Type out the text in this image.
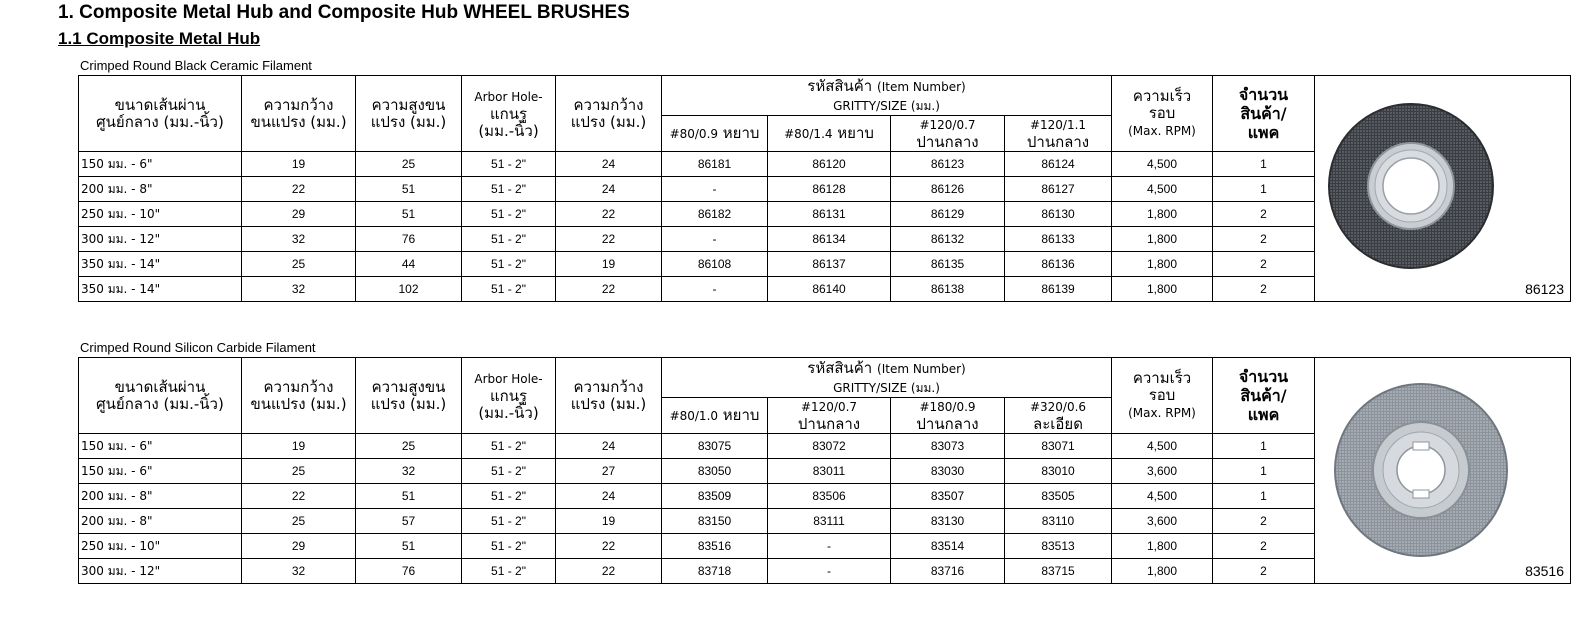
1. Composite Metal Hub and Composite Hub WHEEL BRUSHES
1.1 Composite Metal Hub
Crimped Round Black Ceramic Filament
ขนาดเส้นผ่าน
ศูนย์กลาง (มม.-นิ้ว)	ความกว้าง
ขนแปรง (มม.)	ความสูงขน
แปรง (มม.)	Arbor Hole-
แกนรู
(มม.-นิ้ว)	ความกว้าง
แปรง (มม.)	รหัสสินค้า (Item Number)
GRITTY/SIZE (มม.)				ความเร็ว
รอบ
(Max. RPM)	จำนวน
สินค้า/
แพค	86123

					#80/0.9 หยาบ	#80/1.4 หยาบ	#120/0.7
ปานกลาง	#120/1.1
ปานกลาง			
150 มม. - 6"	19	25	51 - 2"	24	86181	86120	86123	86124	4,500	1	
200 มม. - 8"	22	51	51 - 2"	24	-	86128	86126	86127	4,500	1	
250 มม. - 10"	29	51	51 - 2"	22	86182	86131	86129	86130	1,800	2	
300 มม. - 12"	32	76	51 - 2"	22	-	86134	86132	86133	1,800	2	
350 มม. - 14"	25	44	51 - 2"	19	86108	86137	86135	86136	1,800	2	
350 มม. - 14"	32	102	51 - 2"	22	-	86140	86138	86139	1,800	2	
Crimped Round Silicon Carbide Filament
ขนาดเส้นผ่าน
ศูนย์กลาง (มม.-นิ้ว)	ความกว้าง
ขนแปรง (มม.)	ความสูงขน
แปรง (มม.)	Arbor Hole-
แกนรู
(มม.-นิ้ว)	ความกว้าง
แปรง (มม.)	รหัสสินค้า (Item Number)
GRITTY/SIZE (มม.)				ความเร็ว
รอบ
(Max. RPM)	จำนวน
สินค้า/
แพค	83516

					#80/1.0 หยาบ	#120/0.7
ปานกลาง	#180/0.9
ปานกลาง	#320/0.6
ละเอียด			
150 มม. - 6"	19	25	51 - 2"	24	83075	83072	83073	83071	4,500	1	
150 มม. - 6"	25	32	51 - 2"	27	83050	83011	83030	83010	3,600	1	
200 มม. - 8"	22	51	51 - 2"	24	83509	83506	83507	83505	4,500	1	
200 มม. - 8"	25	57	51 - 2"	19	83150	83111	83130	83110	3,600	2	
250 มม. - 10"	29	51	51 - 2"	22	83516	-	83514	83513	1,800	2	
300 มม. - 12"	32	76	51 - 2"	22	83718	-	83716	83715	1,800	2	
